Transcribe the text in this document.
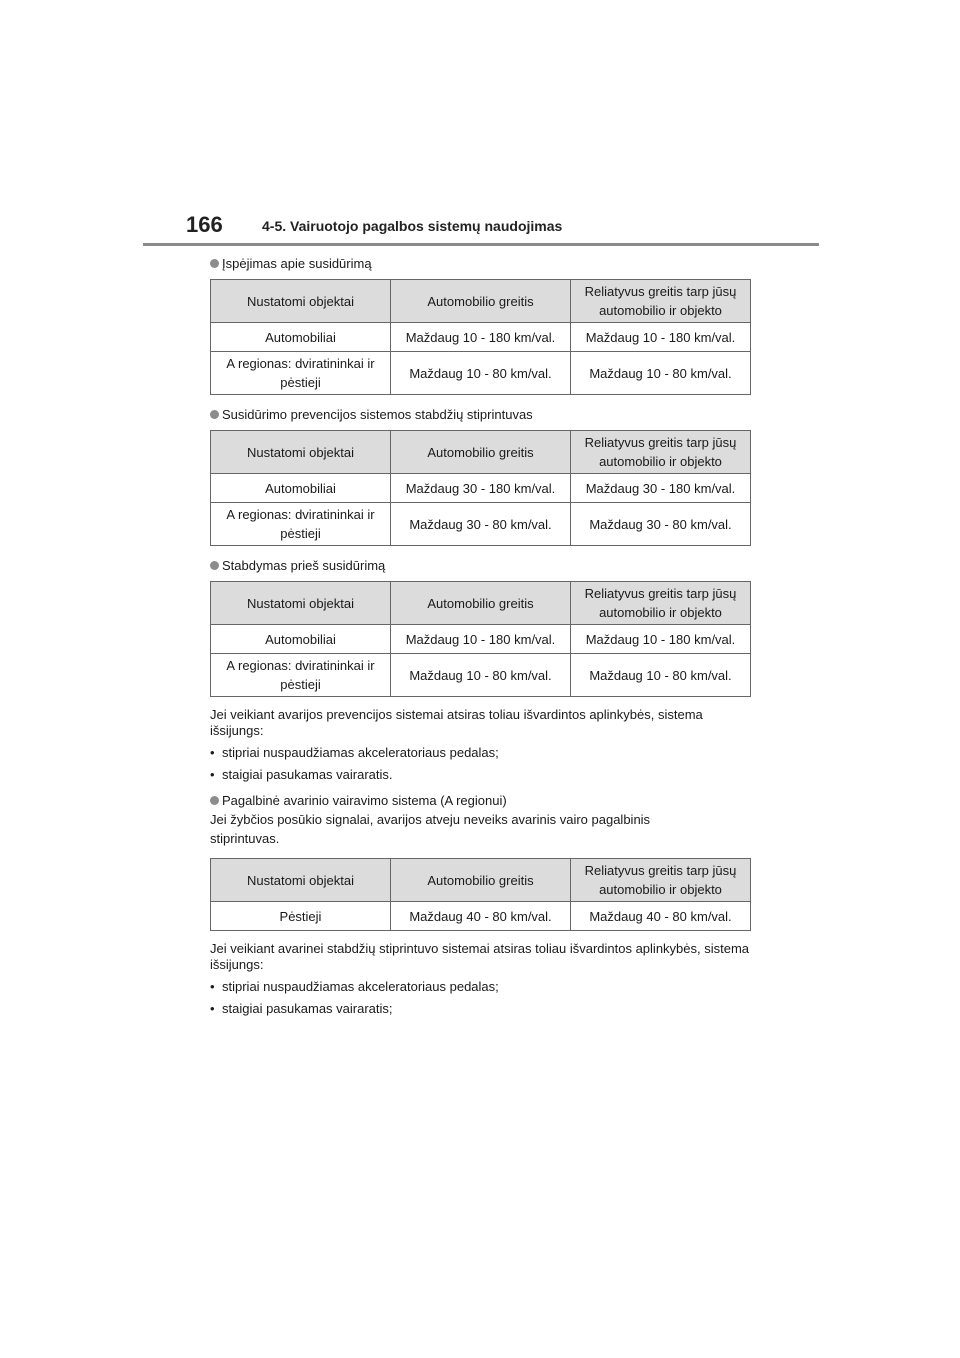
166	4-5. Vairuotojo pagalbos sistemų naudojimas
Įspėjimas apie susidūrimą
Nustatomi objektai	Automobilio greitis	Reliatyvus greitis tarp jūsų automobilio ir objekto
Automobiliai	Maždaug 10 - 180 km/val.	Maždaug 10 - 180 km/val.
A regionas: dviratininkai ir pėstieji	Maždaug 10 - 80 km/val.	Maždaug 10 - 80 km/val.
Susidūrimo prevencijos sistemos stabdžių stiprintuvas
Nustatomi objektai	Automobilio greitis	Reliatyvus greitis tarp jūsų automobilio ir objekto
Automobiliai	Maždaug 30 - 180 km/val.	Maždaug 30 - 180 km/val.
A regionas: dviratininkai ir pėstieji	Maždaug 30 - 80 km/val.	Maždaug 30 - 80 km/val.
Stabdymas prieš susidūrimą
Nustatomi objektai	Automobilio greitis	Reliatyvus greitis tarp jūsų automobilio ir objekto
Automobiliai	Maždaug 10 - 180 km/val.	Maždaug 10 - 180 km/val.
A regionas: dviratininkai ir pėstieji	Maždaug 10 - 80 km/val.	Maždaug 10 - 80 km/val.

Jei veikiant avarijos prevencijos sistemai atsiras toliau išvardintos aplinkybės, sistema išsijungs:

• stipriai nuspaudžiamas akceleratoriaus pedalas;
• staigiai pasukamas vairaratis.
Pagalbinė avarinio vairavimo sistema (A regionui)

Jei žybčios posūkio signalai, avarijos atveju neveiks avarinis vairo pagalbinis stiprintuvas.

Nustatomi objektai	Automobilio greitis	Reliatyvus greitis tarp jūsų automobilio ir objekto
Pėstieji	Maždaug 40 - 80 km/val.	Maždaug 40 - 80 km/val.

Jei veikiant avarinei stabdžių stiprintuvo sistemai atsiras toliau išvardintos aplinkybės, sistema išsijungs:

• stipriai nuspaudžiamas akceleratoriaus pedalas;
• staigiai pasukamas vairaratis;
